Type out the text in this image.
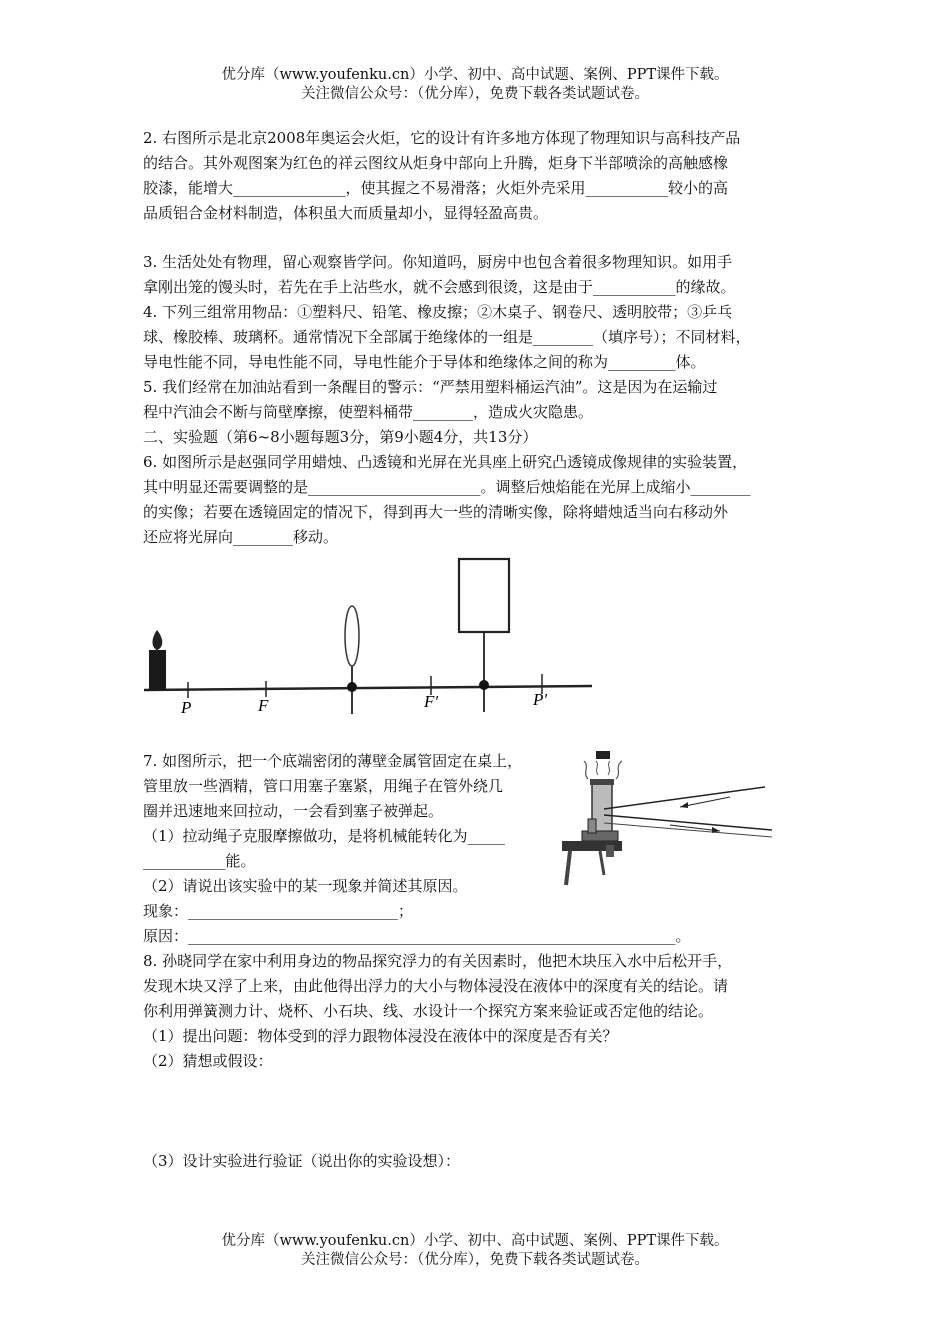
优分库（www.youfenku.cn）小学、初中、高中试题、案例、PPT课件下载。
关注微信公众号：（优分库），免费下载各类试题试卷。
2. 右图所示是北京2008年奥运会火炬，它的设计有许多地方体现了物理知识与高科技产品
的结合。其外观图案为红色的祥云图纹从炬身中部向上升腾，炬身下半部喷涂的高触感橡
胶漆，能增大_______________，使其握之不易滑落；火炬外壳采用___________较小的高
品质铝合金材料制造，体积虽大而质量却小，显得轻盈高贵。
3. 生活处处有物理，留心观察皆学问。你知道吗，厨房中也包含着很多物理知识。如用手
拿刚出笼的馒头时，若先在手上沾些水，就不会感到很烫，这是由于___________的缘故。
4. 下列三组常用物品：①塑料尺、铅笔、橡皮擦；②木桌子、钢卷尺、透明胶带；③乒乓
球、橡胶棒、玻璃杯。通常情况下全部属于绝缘体的一组是________（填序号）；不同材料，
导电性能不同，导电性能不同，导电性能介于导体和绝缘体之间的称为_________体。
5. 我们经常在加油站看到一条醒目的警示：“严禁用塑料桶运汽油”。这是因为在运输过
程中汽油会不断与筒壁摩擦，使塑料桶带________，造成火灾隐患。
二、实验题（第6~8小题每题3分，第9小题4分，共13分）
6. 如图所示是赵强同学用蜡烛、凸透镜和光屏在光具座上研究凸透镜成像规律的实验装置，
其中明显还需要调整的是_______________________。调整后烛焰能在光屏上成缩小________
的实像；若要在透镜固定的情况下，得到再大一些的清晰实像，除将蜡烛适当向右移动外
还应将光屏向________移动。
P	F	F′	P′
7. 如图所示，把一个底端密闭的薄壁金属管固定在桌上，
管里放一些酒精，管口用塞子塞紧，用绳子在管外绕几
圈并迅速地来回拉动，一会看到塞子被弹起。
（1）拉动绳子克服摩擦做功，是将机械能转化为_____
___________能。
（2）请说出该实验中的某一现象并简述其原因。
现象：____________________________；
原因：_________________________________________________________________。
8. 孙晓同学在家中利用身边的物品探究浮力的有关因素时，他把木块压入水中后松开手，
发现木块又浮了上来，由此他得出浮力的大小与物体浸没在液体中的深度有关的结论。请
你利用弹簧测力计、烧杯、小石块、线、水设计一个探究方案来验证或否定他的结论。
（1）提出问题：物体受到的浮力跟物体浸没在液体中的深度是否有关？
（2）猜想或假设：
（3）设计实验进行验证（说出你的实验设想）：
优分库（www.youfenku.cn）小学、初中、高中试题、案例、PPT课件下载。
关注微信公众号：（优分库），免费下载各类试题试卷。
